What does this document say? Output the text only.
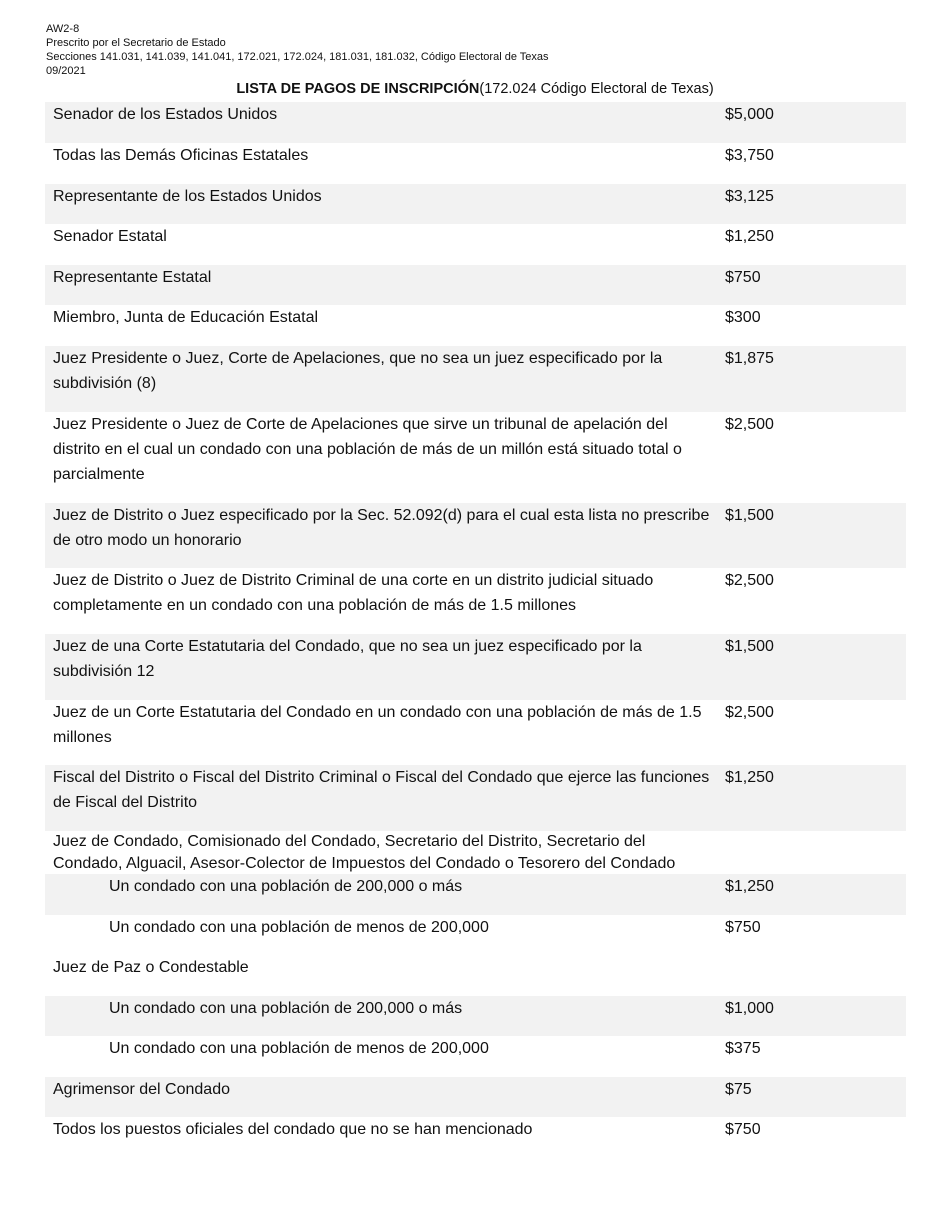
AW2-8
Prescrito por el Secretario de Estado
Secciones 141.031, 141.039, 141.041, 172.021, 172.024, 181.031, 181.032, Código Electoral de Texas
09/2021
LISTA DE PAGOS DE INSCRIPCIÓN(172.024 Código Electoral de Texas)
Senador de los Estados Unidos	$5,000
Todas las Demás Oficinas Estatales	$3,750
Representante de los Estados Unidos	$3,125
Senador Estatal	$1,250
Representante Estatal	$750
Miembro, Junta de Educación Estatal	$300
Juez Presidente o Juez, Corte de Apelaciones, que no sea un juez especificado por la subdivisión (8)
$1,875
Juez Presidente o Juez de Corte de Apelaciones que sirve un tribunal de apelación del distrito en el cual un condado con una población de más de un millón está situado total o parcialmente
$2,500
Juez de Distrito o Juez especificado por la Sec. 52.092(d) para el cual esta lista no prescribe de otro modo un honorario
$1,500
Juez de Distrito o Juez de Distrito Criminal de una corte en un distrito judicial situado completamente en un condado con una población de más de 1.5 millones
$2,500
Juez de una Corte Estatutaria del Condado, que no sea un juez especificado por la subdivisión 12
$1,500
Juez de un Corte Estatutaria del Condado en un condado con una población de más de 1.5 millones
$2,500
Fiscal del Distrito o Fiscal del Distrito Criminal o Fiscal del Condado que ejerce las funciones de Fiscal del Distrito
$1,250
Juez de Condado, Comisionado del Condado, Secretario del Distrito, Secretario del Condado, Alguacil, Asesor-Colector de Impuestos del Condado o Tesorero del Condado
Un condado con una población de 200,000 o más	$1,250
Un condado con una población de menos de 200,000	$750
Juez de Paz o Condestable
Un condado con una población de 200,000 o más	$1,000
Un condado con una población de menos de 200,000	$375
Agrimensor del Condado	$75
Todos los puestos oficiales del condado que no se han mencionado	$750
